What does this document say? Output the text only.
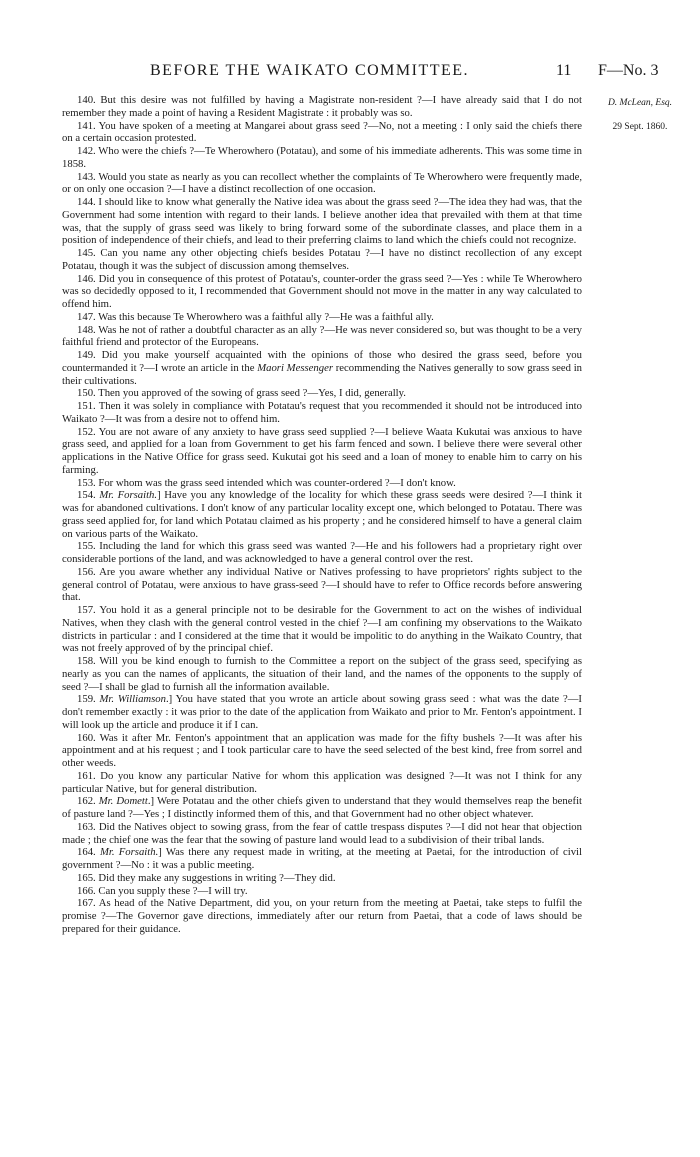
BEFORE THE WAIKATO COMMITTEE.	11 F—No. 3
D. McLean, Esq.
29 Sept. 1860.

140. But this desire was not fulfilled by having a Magistrate non-resident ?—I have already said that I do not remember they made a point of having a Resident Magistrate : it probably was so.

141. You have spoken of a meeting at Mangarei about grass seed ?—No, not a meeting : I only said the chiefs there on a certain occasion protested.

142. Who were the chiefs ?—Te Wherowhero (Potatau), and some of his immediate adherents. This was some time in 1858.

143. Would you state as nearly as you can recollect whether the complaints of Te Wherowhero were frequently made, or on only one occasion ?—I have a distinct recollection of one occasion.

144. I should like to know what generally the Native idea was about the grass seed ?—The idea they had was, that the Government had some intention with regard to their lands. I believe another idea that prevailed with them at that time was, that the supply of grass seed was likely to bring forward some of the subordinate classes, and place them in a position of independence of their chiefs, and lead to their preferring claims to land which the chiefs could not recognize.

145. Can you name any other objecting chiefs besides Potatau ?—I have no distinct recollection of any except Potatau, though it was the subject of discussion among themselves.

146. Did you in consequence of this protest of Potatau's, counter-order the grass seed ?—Yes : while Te Wherowhero was so decidedly opposed to it, I recommended that Government should not move in the matter in any way calculated to offend him.

147. Was this because Te Wherowhero was a faithful ally ?—He was a faithful ally.

148. Was he not of rather a doubtful character as an ally ?—He was never considered so, but was thought to be a very faithful friend and protector of the Europeans.

149. Did you make yourself acquainted with the opinions of those who desired the grass seed, before you countermanded it ?—I wrote an article in the Maori Messenger recommending the Natives generally to sow grass seed in their cultivations.

150. Then you approved of the sowing of grass seed ?—Yes, I did, generally.

151. Then it was solely in compliance with Potatau's request that you recommended it should not be introduced into Waikato ?—It was from a desire not to offend him.

152. You are not aware of any anxiety to have grass seed supplied ?—I believe Waata Kukutai was anxious to have grass seed, and applied for a loan from Government to get his farm fenced and sown. I believe there were several other applications in the Native Office for grass seed. Kukutai got his seed and a loan of money to enable him to carry on his farming.

153. For whom was the grass seed intended which was counter-ordered ?—I don't know.

154. Mr. Forsaith.] Have you any knowledge of the locality for which these grass seeds were desired ?—I think it was for abandoned cultivations. I don't know of any particular locality except one, which belonged to Potatau. There was grass seed applied for, for land which Potatau claimed as his property ; and he considered himself to have a general claim on various parts of the Waikato.

155. Including the land for which this grass seed was wanted ?—He and his followers had a proprietary right over considerable portions of the land, and was acknowledged to have a general control over the rest.

156. Are you aware whether any individual Native or Natives professing to have proprietors' rights subject to the general control of Potatau, were anxious to have grass-seed ?—I should have to refer to Office records before answering that.

157. You hold it as a general principle not to be desirable for the Government to act on the wishes of individual Natives, when they clash with the general control vested in the chief ?—I am confining my observations to the Waikato districts in particular : and I considered at the time that it would be impolitic to do anything in the Waikato Country, that was not freely approved of by the principal chief.

158. Will you be kind enough to furnish to the Committee a report on the subject of the grass seed, specifying as nearly as you can the names of applicants, the situation of their land, and the names of the opponents to the supply of seed ?—I shall be glad to furnish all the information available.

159. Mr. Williamson.] You have stated that you wrote an article about sowing grass seed : what was the date ?—I don't remember exactly : it was prior to the date of the application from Waikato and prior to Mr. Fenton's appointment. I will look up the article and produce it if I can.

160. Was it after Mr. Fenton's appointment that an application was made for the fifty bushels ?—It was after his appointment and at his request ; and I took particular care to have the seed selected of the best kind, free from sorrel and other weeds.

161. Do you know any particular Native for whom this application was designed ?—It was not I think for any particular Native, but for general distribution.

162. Mr. Domett.] Were Potatau and the other chiefs given to understand that they would themselves reap the benefit of pasture land ?—Yes ; I distinctly informed them of this, and that Government had no other object whatever.

163. Did the Natives object to sowing grass, from the fear of cattle trespass disputes ?—I did not hear that objection made ; the chief one was the fear that the sowing of pasture land would lead to a subdivision of their tribal lands.

164. Mr. Forsaith.] Was there any request made in writing, at the meeting at Paetai, for the introduction of civil government ?—No : it was a public meeting.

165. Did they make any suggestions in writing ?—They did.

166. Can you supply these ?—I will try.

167. As head of the Native Department, did you, on your return from the meeting at Paetai, take steps to fulfil the promise ?—The Governor gave directions, immediately after our return from Paetai, that a code of laws should be prepared for their guidance.
